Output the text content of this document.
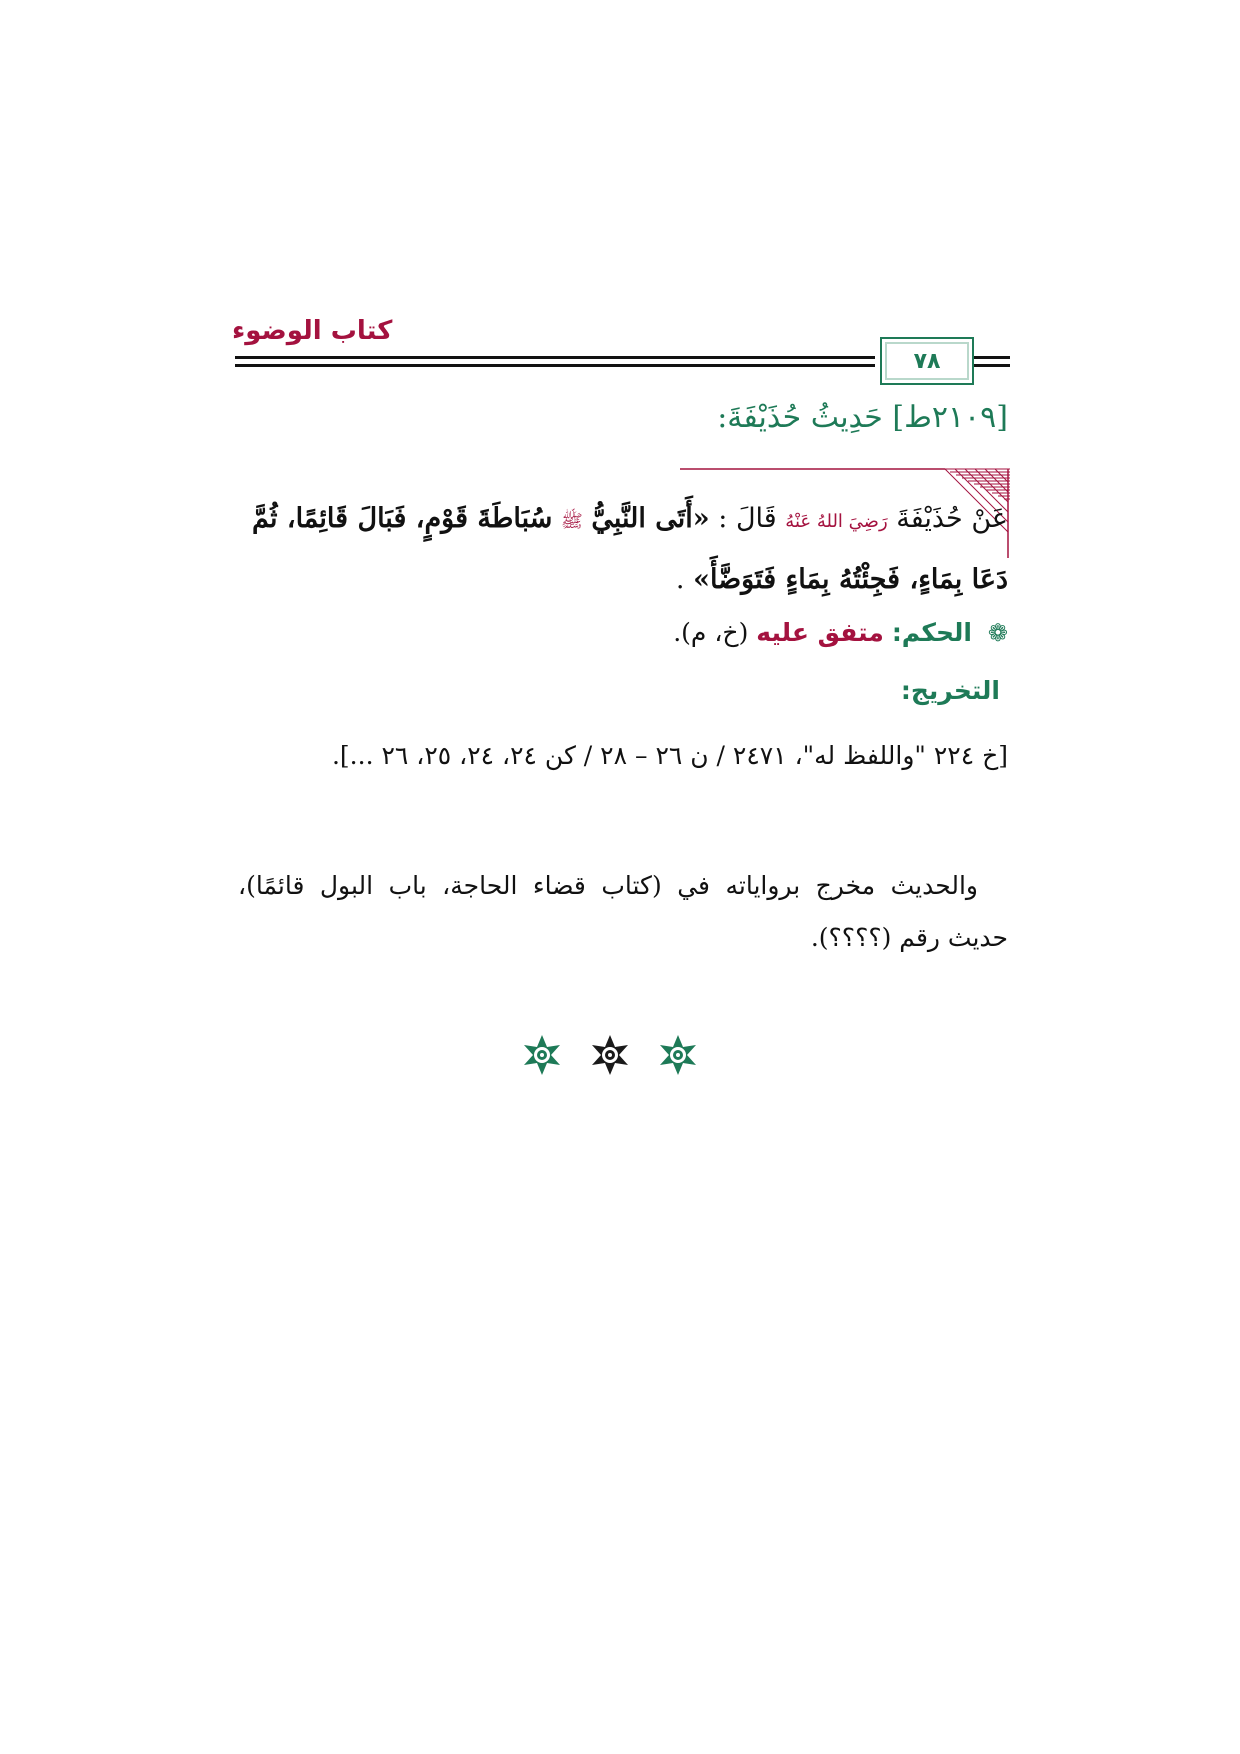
كتاب الوضوء
٧٨
[٢١٠٩ط] حَدِيثُ حُذَيْفَةَ:
عَنْ حُذَيْفَةَ رَضِيَ اللهُ عَنْهُ قَالَ : «أَتَى النَّبِيُّ ﷺ سُبَاطَةَ قَوْمٍ، فَبَالَ قَائِمًا، ثُمَّ دَعَا بِمَاءٍ، فَجِئْتُهُ بِمَاءٍ فَتَوَضَّأَ» .
❁ الحكم: متفق عليه (خ، م).
التخريج:
[خ ٢٢٤ "واللفظ له"، ٢٤٧١ / ن ٢٦ – ٢٨ / كن ٢٤، ٢٤، ٢٥، ٢٦ ...].
والحديث مخرج برواياته في (كتاب قضاء الحاجة، باب البول قائمًا)، حديث رقم (؟؟؟؟).
